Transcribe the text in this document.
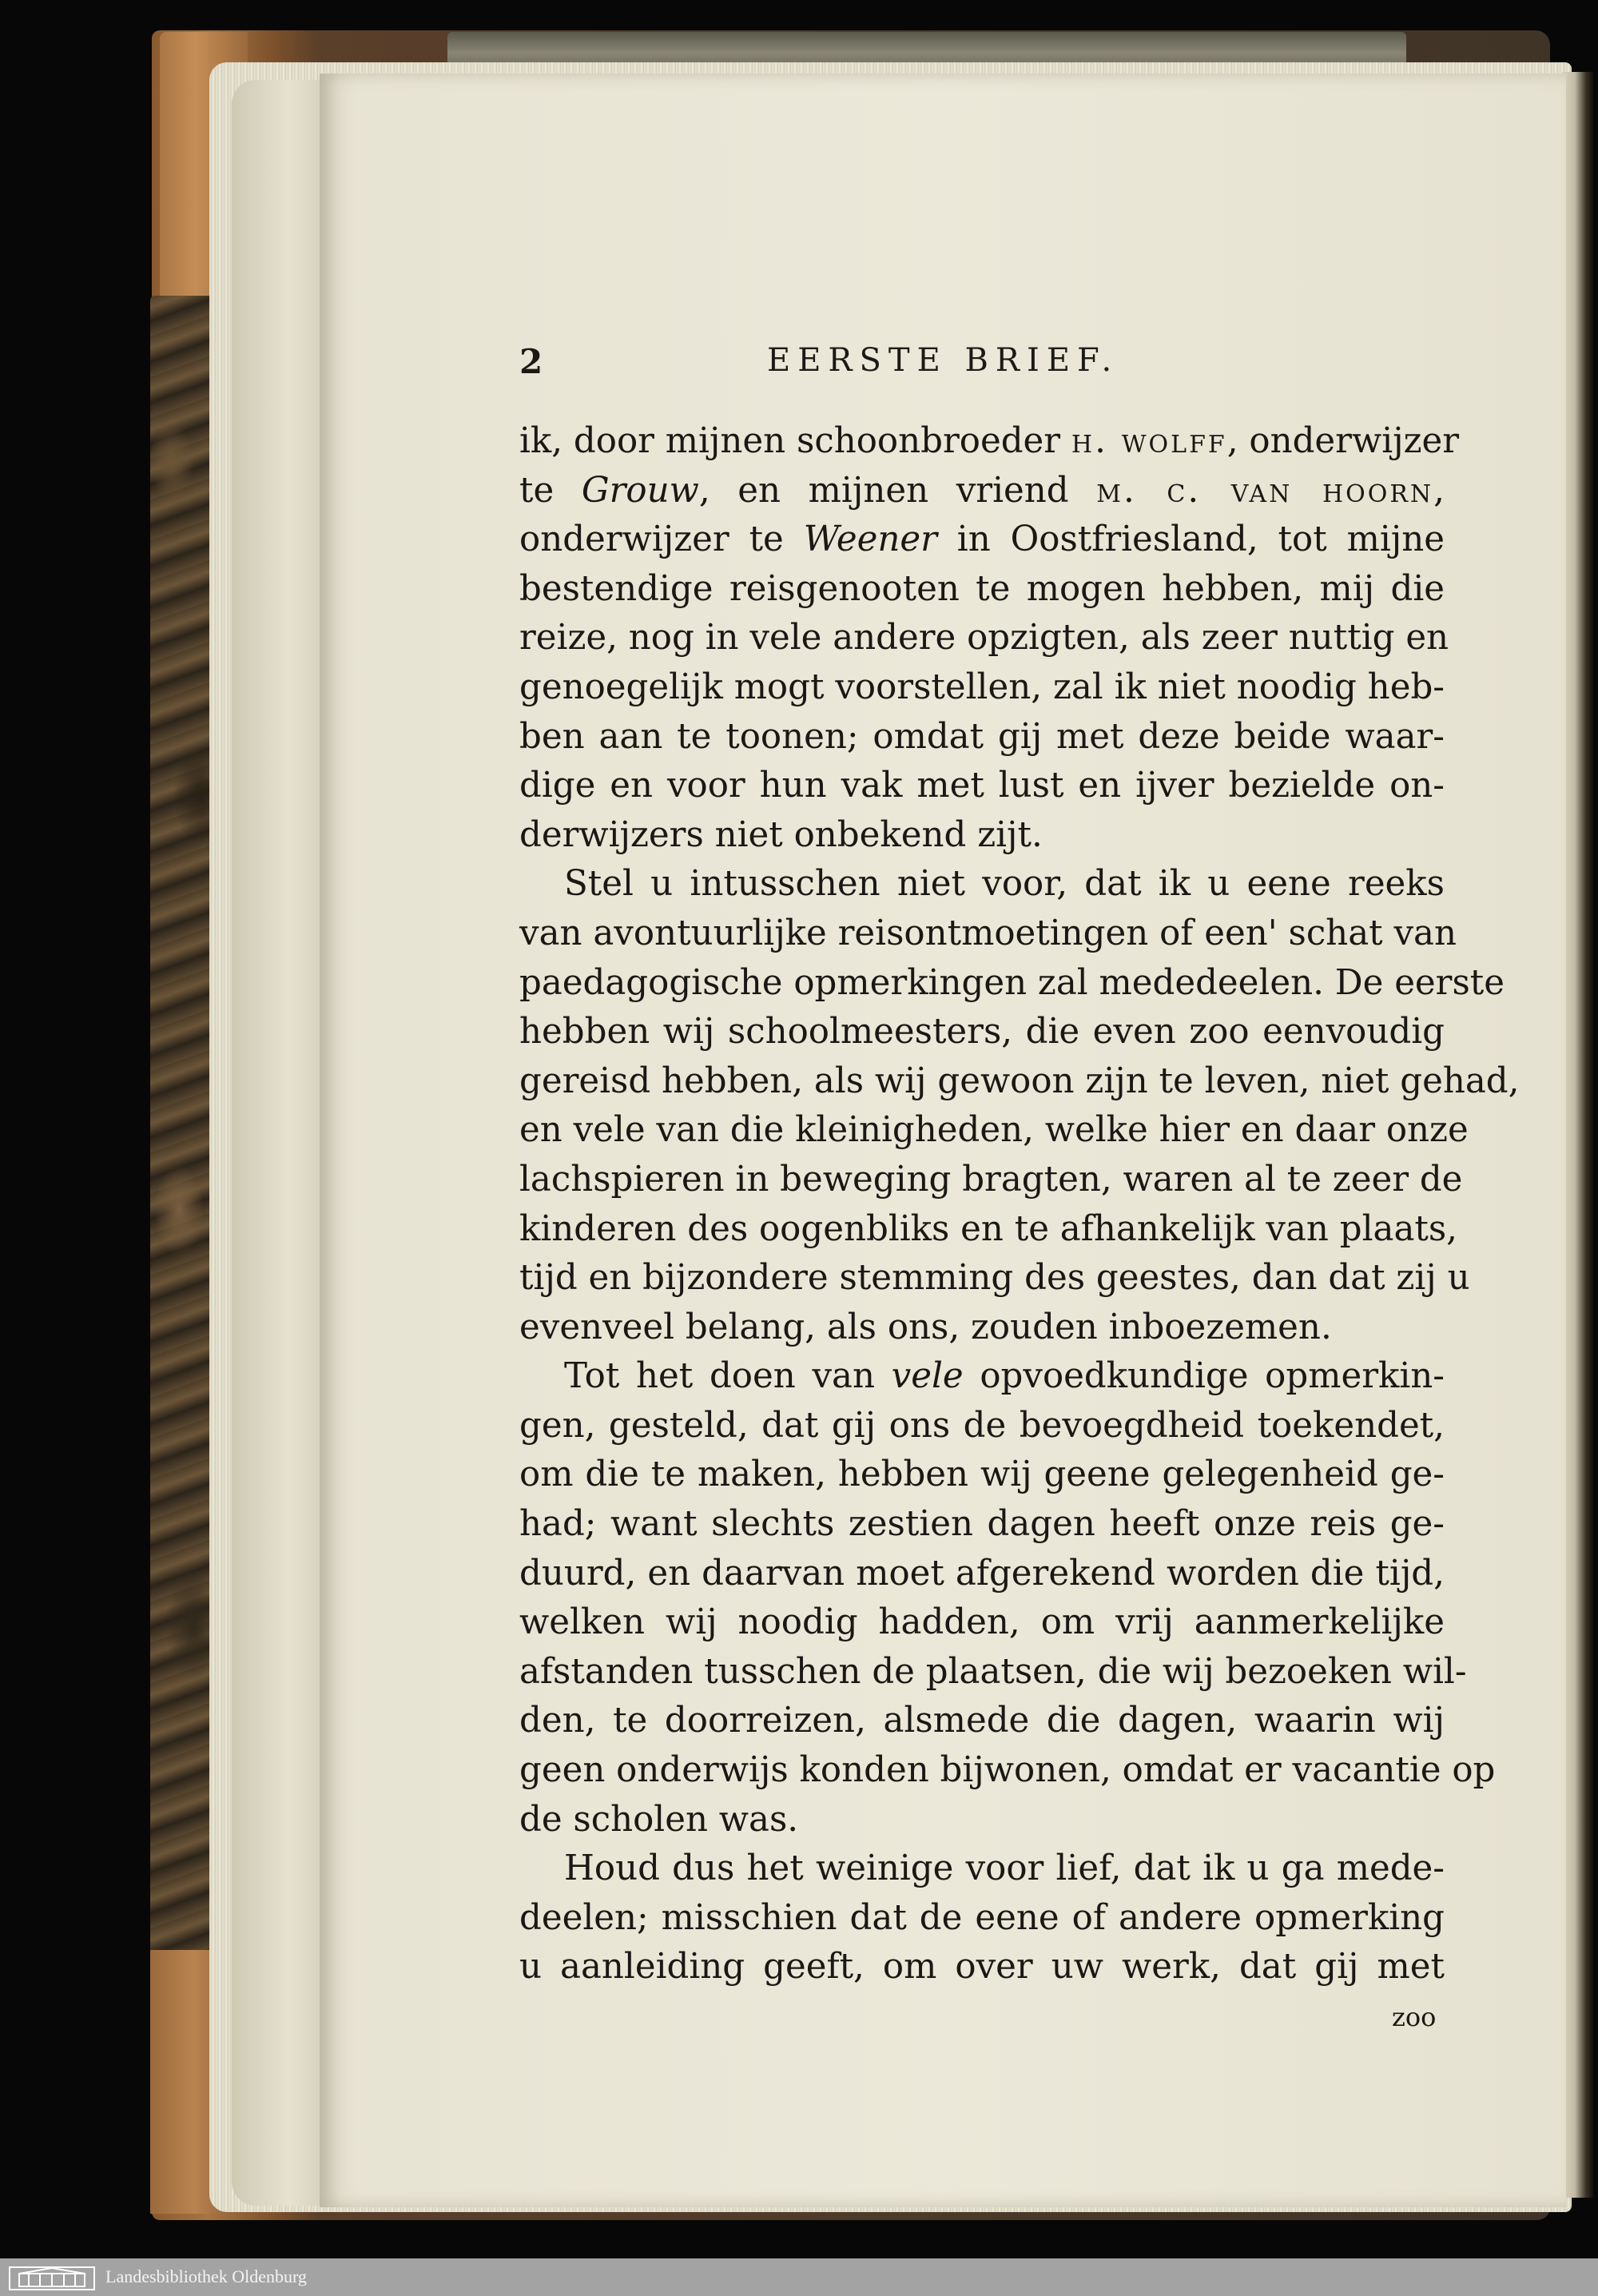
2	EERSTE BRIEF.
ik, door mijnen schoonbroeder h. wolff, onderwijzer
te Grouw, en mijnen vriend m. c. van hoorn,
onderwijzer te Weener in Oostfriesland, tot mijne
bestendige reisgenooten te mogen hebben, mij die
reize, nog in vele andere opzigten, als zeer nuttig en
genoegelijk mogt voorstellen, zal ik niet noodig heb-
ben aan te toonen; omdat gij met deze beide waar-
dige en voor hun vak met lust en ijver bezielde on-
derwijzers niet onbekend zijt.
Stel u intusschen niet voor, dat ik u eene reeks
van avontuurlijke reisontmoetingen of een' schat van
paedagogische opmerkingen zal mededeelen. De eerste
hebben wij schoolmeesters, die even zoo eenvoudig
gereisd hebben, als wij gewoon zijn te leven, niet gehad,
en vele van die kleinigheden, welke hier en daar onze
lachspieren in beweging bragten, waren al te zeer de
kinderen des oogenbliks en te afhankelijk van plaats,
tijd en bijzondere stemming des geestes, dan dat zij u
evenveel belang, als ons, zouden inboezemen.
Tot het doen van vele opvoedkundige opmerkin-
gen, gesteld, dat gij ons de bevoegdheid toekendet,
om die te maken, hebben wij geene gelegenheid ge-
had; want slechts zestien dagen heeft onze reis ge-
duurd, en daarvan moet afgerekend worden die tijd,
welken wij noodig hadden, om vrij aanmerkelijke
afstanden tusschen de plaatsen, die wij bezoeken wil-
den, te doorreizen, alsmede die dagen, waarin wij
geen onderwijs konden bijwonen, omdat er vacantie op
de scholen was.
Houd dus het weinige voor lief, dat ik u ga mede-
deelen; misschien dat de eene of andere opmerking
u aanleiding geeft, om over uw werk, dat gij met
zoo
Landesbibliothek Oldenburg
